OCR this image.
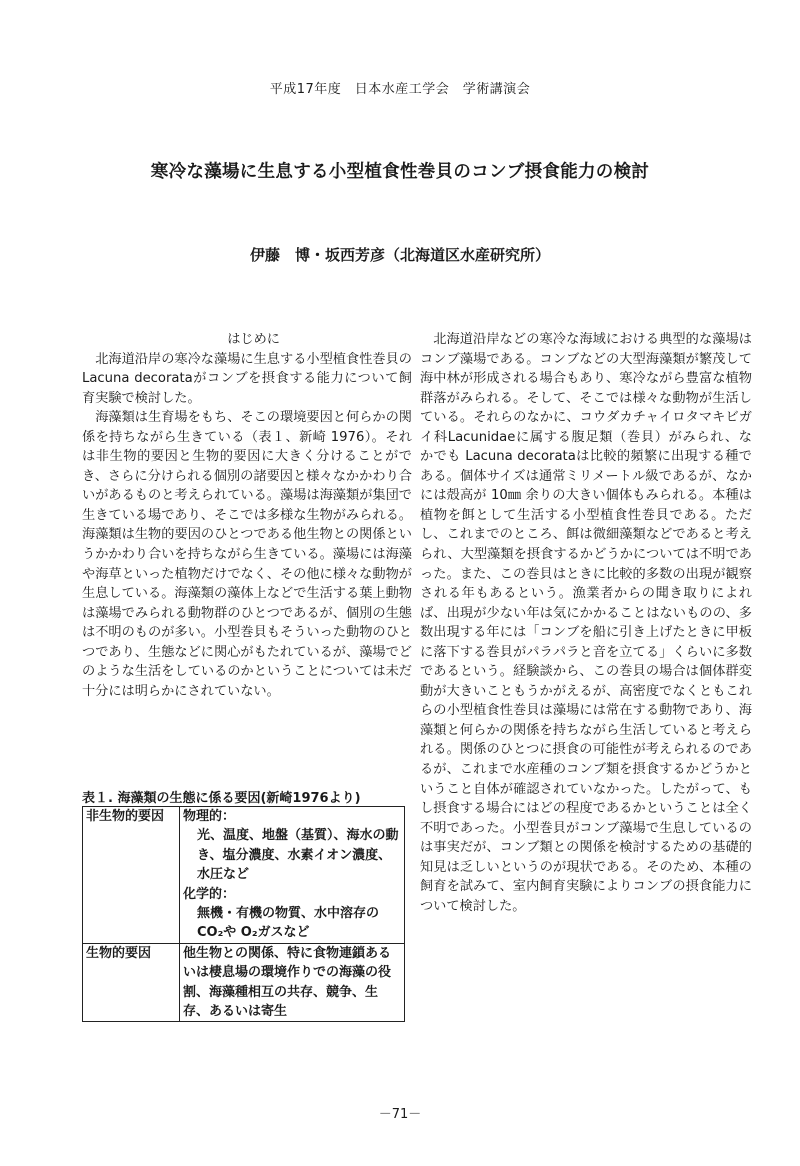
平成17年度　日本水産工学会　学術講演会
寒冷な藻場に生息する小型植食性巻貝のコンブ摂食能力の検討
伊藤　博・坂西芳彦（北海道区水産研究所）

はじめに

北海道沿岸の寒冷な藻場に生息する小型植食性巻貝の Lacuna decorataがコンブを摂食する能力について飼育実験で検討した。

海藻類は生育場をもち、そこの環境要因と何らかの関係を持ちながら生きている（表１、新崎 1976）。それは非生物的要因と生物的要因に大きく分けることができ、さらに分けられる個別の諸要因と様々なかかわり合いがあるものと考えられている。藻場は海藻類が集団で生きている場であり、そこでは多様な生物がみられる。海藻類は生物的要因のひとつである他生物との関係というかかわり合いを持ちながら生きている。藻場には海藻や海草といった植物だけでなく、その他に様々な動物が生息している。海藻類の藻体上などで生活する葉上動物は藻場でみられる動物群のひとつであるが、個別の生態は不明のものが多い。小型巻貝もそういった動物のひとつであり、生態などに関心がもたれているが、藻場でどのような生活をしているのかということについては未だ十分には明らかにされていない。

表１. 海藻類の生態に係る要因(新崎1976より)
非生物的要因	物理的：
光、温度、地盤（基質）、海水の動き、塩分濃度、水素イオン濃度、水圧など
化学的：
無機・有機の物質、水中溶存の CO₂や O₂ガスなど

生物的要因	他生物との関係、特に食物連鎖あるいは棲息場の環境作りでの海藻の役割、海藻種相互の共存、競争、生存、あるいは寄生

北海道沿岸などの寒冷な海域における典型的な藻場はコンブ藻場である。コンブなどの大型海藻類が繁茂して海中林が形成される場合もあり、寒冷ながら豊富な植物群落がみられる。そして、そこでは様々な動物が生活している。それらのなかに、コウダカチャイロタマキビガイ科Lacunidaeに属する腹足類（巻貝）がみられ、なかでも Lacuna decorataは比較的頻繁に出現する種である。個体サイズは通常ミリメートル級であるが、なかには殻高が 10㎜ 余りの大きい個体もみられる。本種は植物を餌として生活する小型植食性巻貝である。ただし、これまでのところ、餌は微細藻類などであると考えられ、大型藻類を摂食するかどうかについては不明であった。また、この巻貝はときに比較的多数の出現が観察される年もあるという。漁業者からの聞き取りによれば、出現が少ない年は気にかかることはないものの、多数出現する年には「コンブを船に引き上げたときに甲板に落下する巻貝がパラパラと音を立てる」くらいに多数であるという。経験談から、この巻貝の場合は個体群変動が大きいこともうかがえるが、高密度でなくともこれらの小型植食性巻貝は藻場には常在する動物であり、海藻類と何らかの関係を持ちながら生活していると考えられる。関係のひとつに摂食の可能性が考えられるのであるが、これまで水産種のコンブ類を摂食するかどうかということ自体が確認されていなかった。したがって、もし摂食する場合にはどの程度であるかということは全く不明であった。小型巻貝がコンブ藻場で生息しているのは事実だが、コンブ類との関係を検討するための基礎的知見は乏しいというのが現状である。そのため、本種の飼育を試みて、室内飼育実験によりコンブの摂食能力について検討した。

－71－
